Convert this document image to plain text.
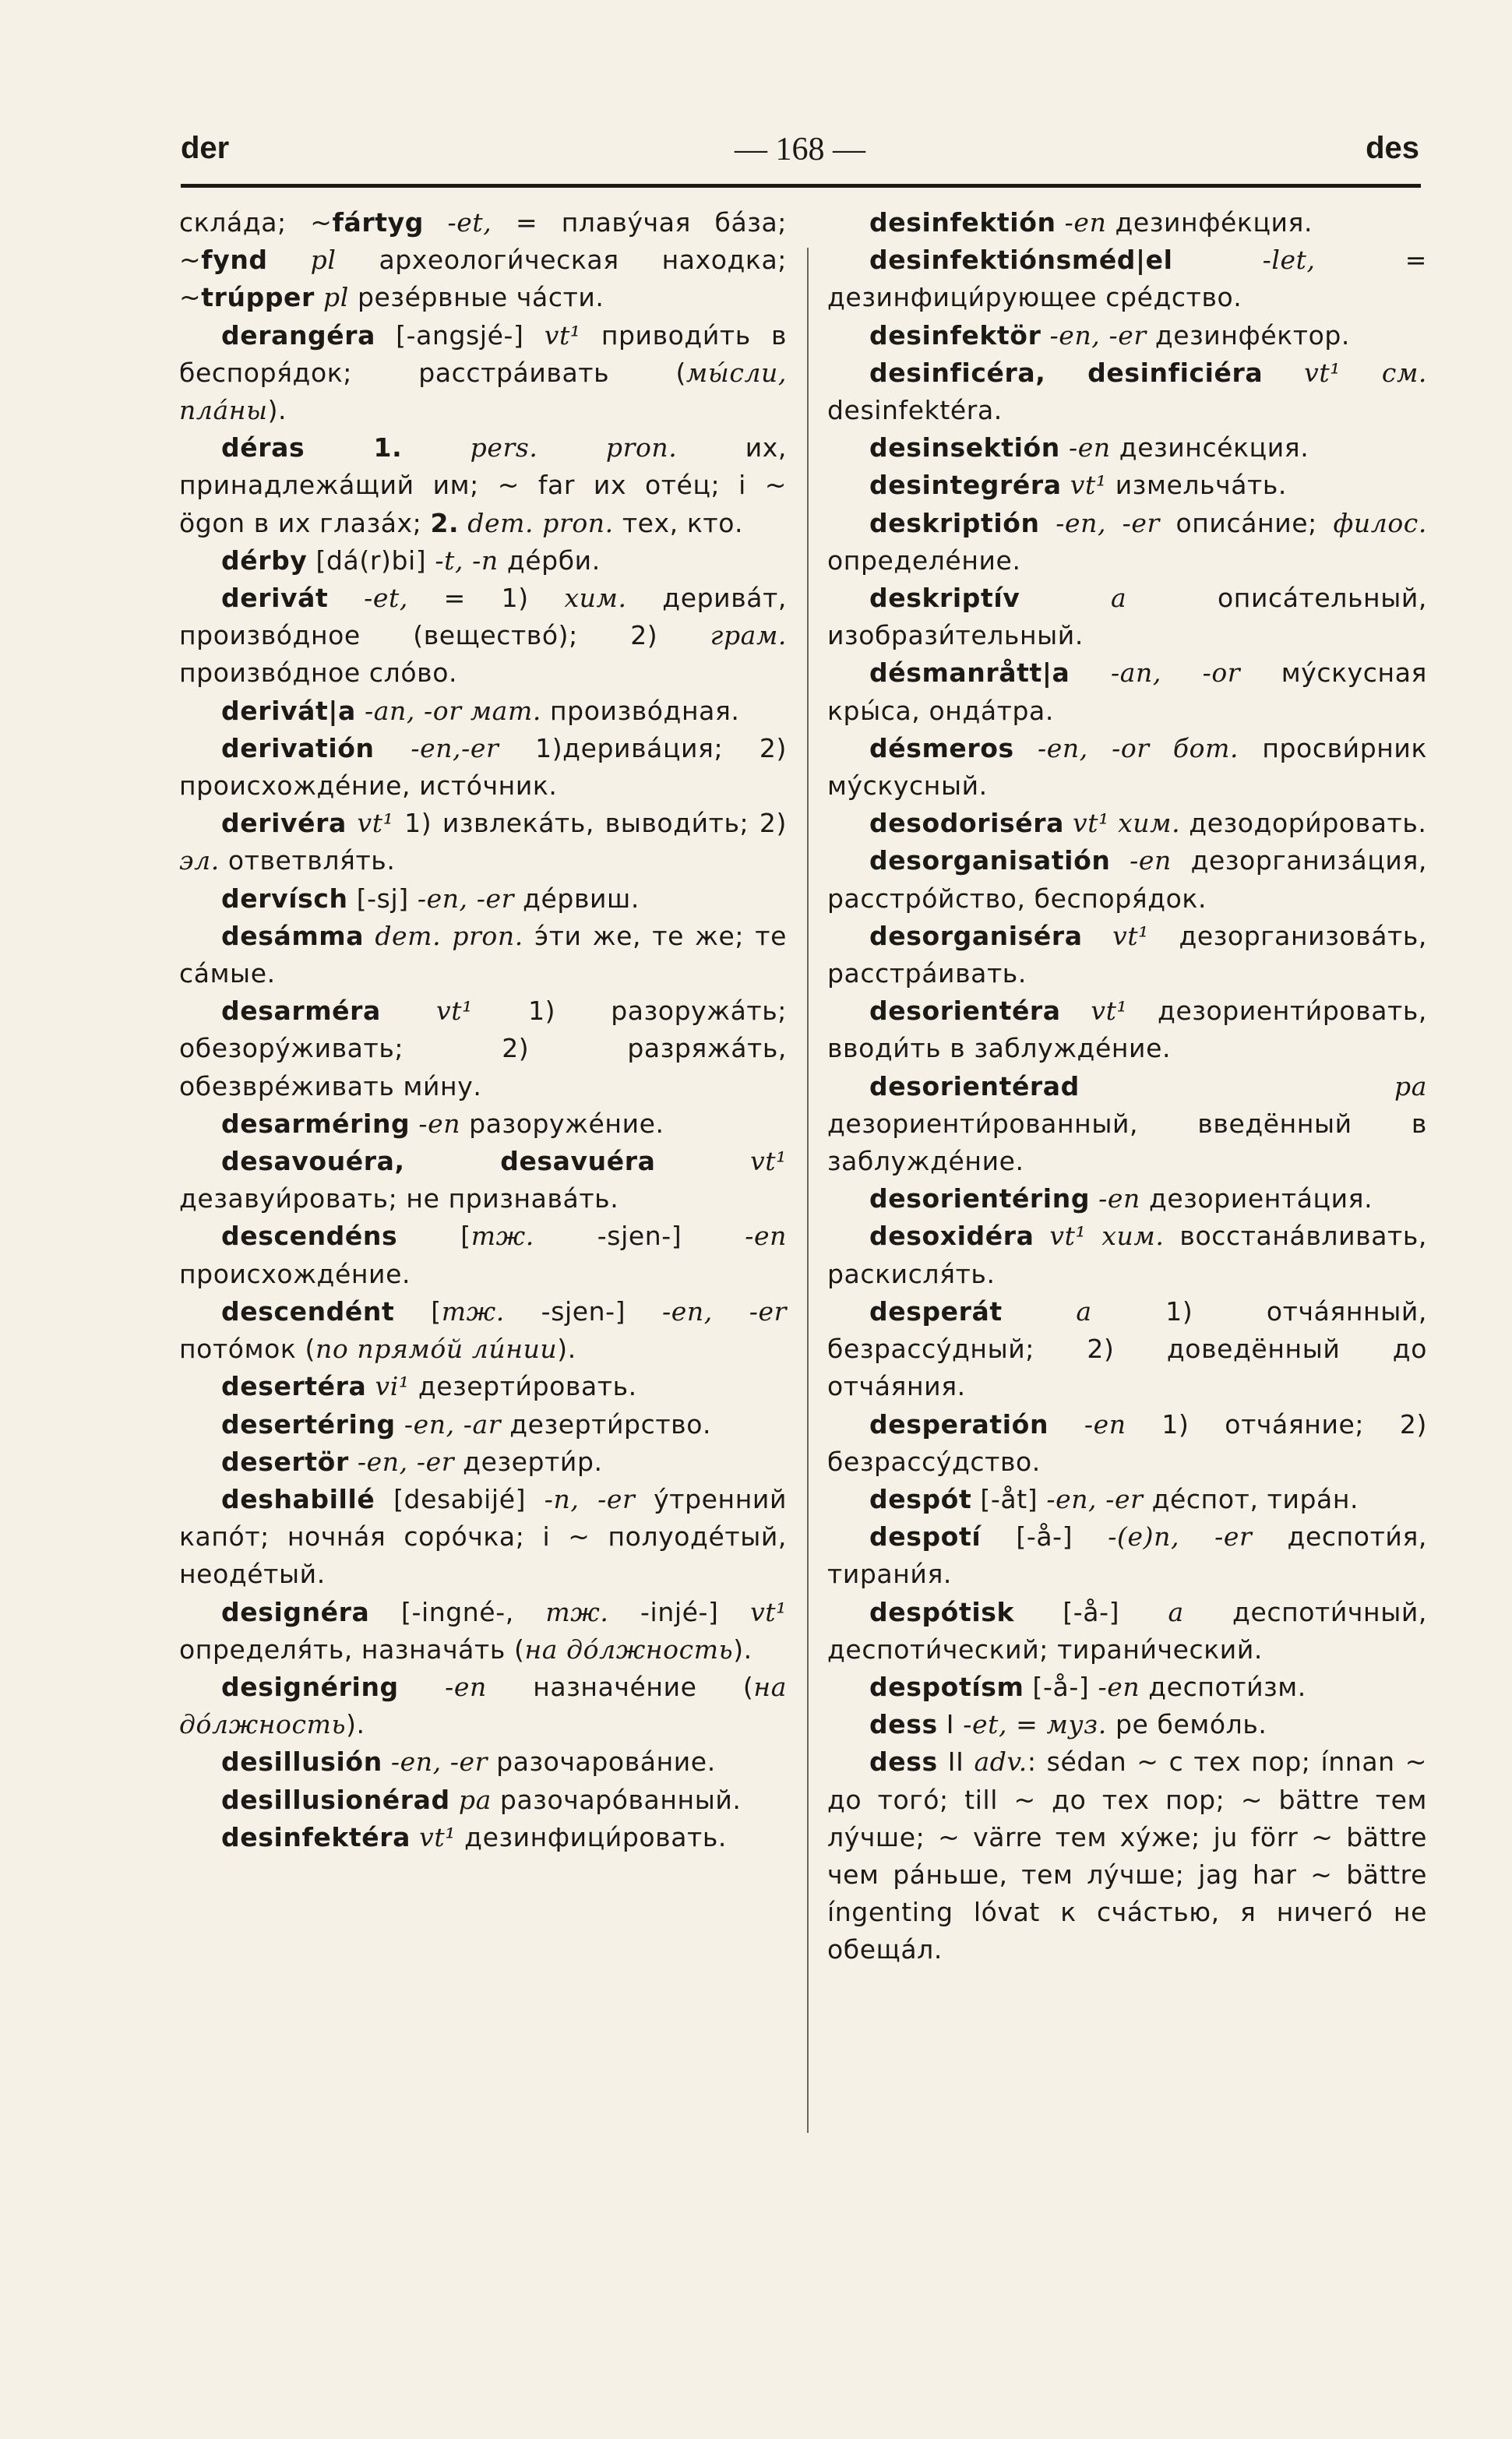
der	— 168 —	des

склáда; ~fártyg -et, = плавýчая бáза; ~fynd pl археологи́ческая находка; ~trúpper pl резéрвные чáсти.

derangéra [-angsjé-] vt¹ приводи́ть в беспоря́док; расстрáивать (мы́сли, плáны).

déras 1. pers. pron. их, принадлежáщий им; ~ far их отéц; i ~ ögon в их глазáх; 2. dem. pron. тех, кто.

dérby [dá(r)bi] -t, -n дéрби.

derivát -et, = 1) хим. деривáт, произвóдное (веществó); 2) грам. произвóдное слóво.

derivát|a -an, -or мат. произвóдная.

derivatión -en,-er 1)деривáция; 2) происхождéние, истóчник.

derivéra vt¹ 1) извлекáть, выводи́ть; 2) эл. ответвля́ть.

dervísch [-sj] -en, -er дéрвиш.

desámma dem. pron. э́ти же, те же; те сáмые.

desarméra vt¹ 1) разоружáть; обезорýживать; 2) разряжáть, обезврéживать ми́ну.

desarméring -en разоружéние.

desavouéra, desavuéra vt¹ дезавуи́ровать; не признавáть.

descendéns [тж. -sjen-] -en происхождéние.

descendént [тж. -sjen-] -en, -er потóмок (по прямóй ли́нии).

desertéra vi¹ дезерти́ровать.

desertéring -en, -ar дезерти́рство.

desertör -en, -er дезерти́р.

deshabillé [desabijé] -n, -er ýтренний капóт; ночнáя сорóчка; i ~ полуодéтый, неодéтый.

designéra [-ingné-, тж. -injé-] vt¹ определя́ть, назначáть (на дóлжность).

designéring -en назначéние (на дóлжность).

desillusión -en, -er разочаровáние.

desillusionérad pa разочарóванный.

desinfektéra vt¹ дезинфици́ровать.

desinfektión -en дезинфéкция.

desinfektiónsméd|el -let, = дезинфици́рующее срéдство.

desinfektör -en, -er дезинфéктор.

desinficéra, desinficiéra vt¹ см. desinfektéra.

desinsektión -en дезинсéкция.

desintegréra vt¹ измельчáть.

deskriptión -en, -er описáние; филос. определéние.

deskriptív a описáтельный, изобрази́тельный.

désmanrått|a -an, -or мýскусная кры́са, ондáтра.

désmeros -en, -or бот. просви́рник мýскусный.

desodoriséra vt¹ хим. дезодори́ровать.

desorganisatión -en дезорганизáция, расстрóйство, беспоря́док.

desorganiséra vt¹ дезорганизовáть, расстрáивать.

desorientéra vt¹ дезориенти́ровать, вводи́ть в заблуждéние.

desorientérad pa дезориенти́рованный, введённый в заблуждéние.

desorientéring -en дезориентáция.

desoxidéra vt¹ хим. восстанáвливать, раскисля́ть.

desperát a 1) отчáянный, безрассýдный; 2) доведённый до отчáяния.

desperatión -en 1) отчáяние; 2) безрассýдство.

despót [-åt] -en, -er дéспот, тирáн.

despotí [-å-] -(e)n, -er деспоти́я, тирани́я.

despótisk [-å-] a деспоти́чный, деспоти́ческий; тирани́ческий.

despotísm [-å-] -en деспоти́зм.

dess I -et, = муз. ре бемóль.

dess II adv.: sédan ~ с тех пор; ínnan ~ до тогó; till ~ до тех пор; ~ bättre тем лýчше; ~ värre тем хýже; ju förr ~ bättre чем рáньше, тем лýчше; jag har ~ bättre íngenting lóvat к счáстью, я ничегó не обещáл.
